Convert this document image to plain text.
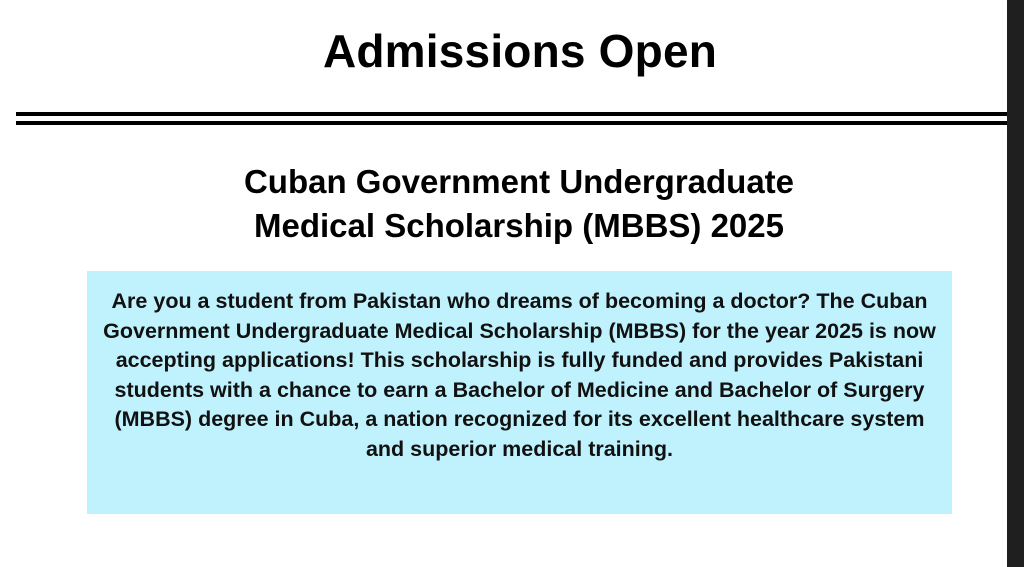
Admissions Open
Cuban Government Undergraduate
Medical Scholarship (MBBS) 2025
Are you a student from Pakistan who dreams of becoming a doctor? The Cuban Government Undergraduate Medical Scholarship (MBBS) for the year 2025 is now accepting applications! This scholarship is fully funded and provides Pakistani students with a chance to earn a Bachelor of Medicine and Bachelor of Surgery (MBBS) degree in Cuba, a nation recognized for its excellent healthcare system and superior medical training.
